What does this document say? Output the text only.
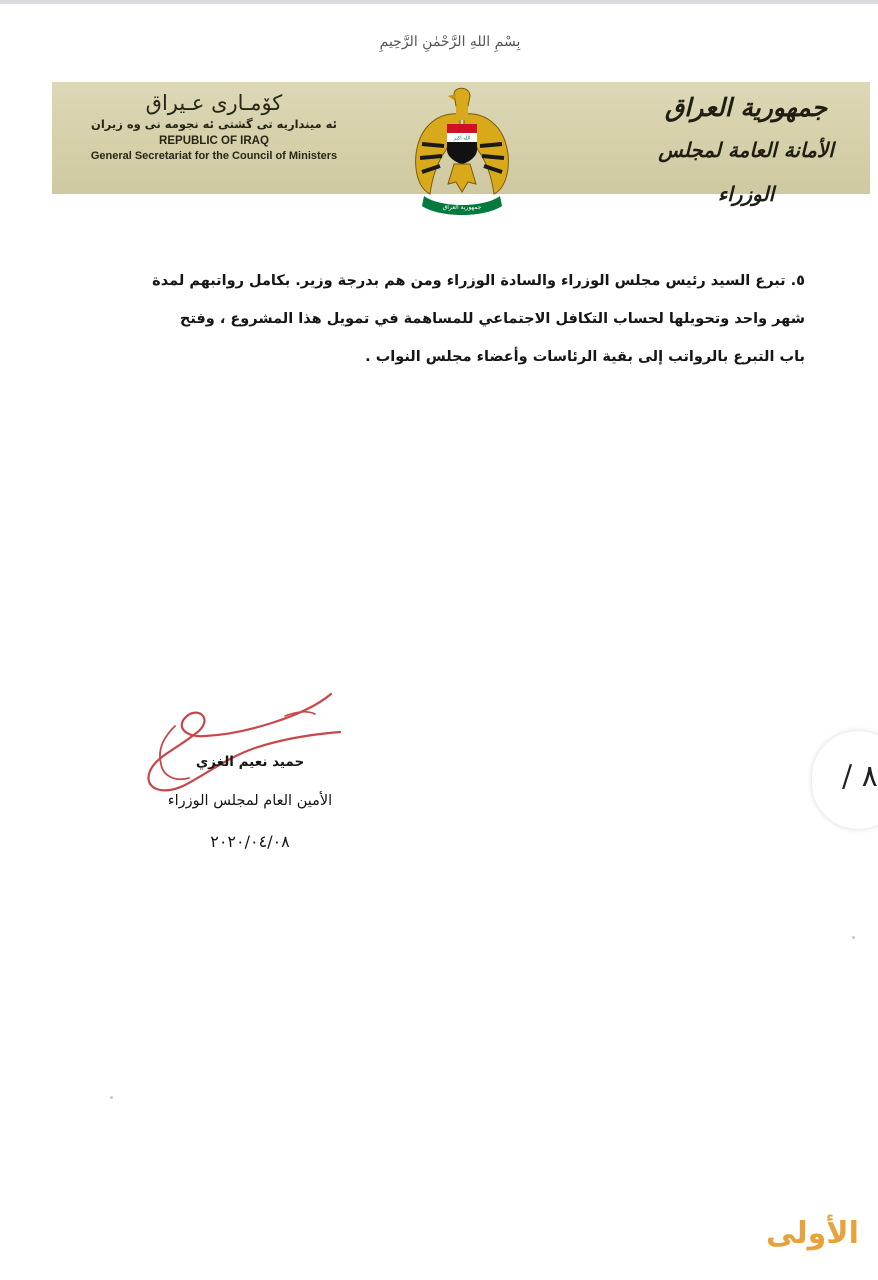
بِسْمِ اللهِ الرَّحْمٰنِ الرَّحِيمِ
كۆمـاری عـیراق
ئه‌ مینداریه‌ تی گشتی ئه‌ نجومه‌ نی وه‌ زیران
REPUBLIC OF IRAQ
General Secretariat for the Council of Ministers
جمهورية العراق
الأمانة العامة لمجلس الوزراء
الله اكبر
جمهورية العراق
٥. تبرع السيد رئيس مجلس الوزراء والسادة الوزراء ومن هم بدرجة وزير. بكامل رواتبهم لمدة
شهر واحد وتحويلها لحساب التكافل الاجتماعي للمساهمة في تمويل هذا المشروع ، وفتح
باب التبرع بالرواتب إلى بقية الرئاسات وأعضاء مجلس النواب .
حميد نعيم الغزي
الأمين العام لمجلس الوزراء
٢٠٢٠/٠٤/٠٨
٨ /
الأولى
